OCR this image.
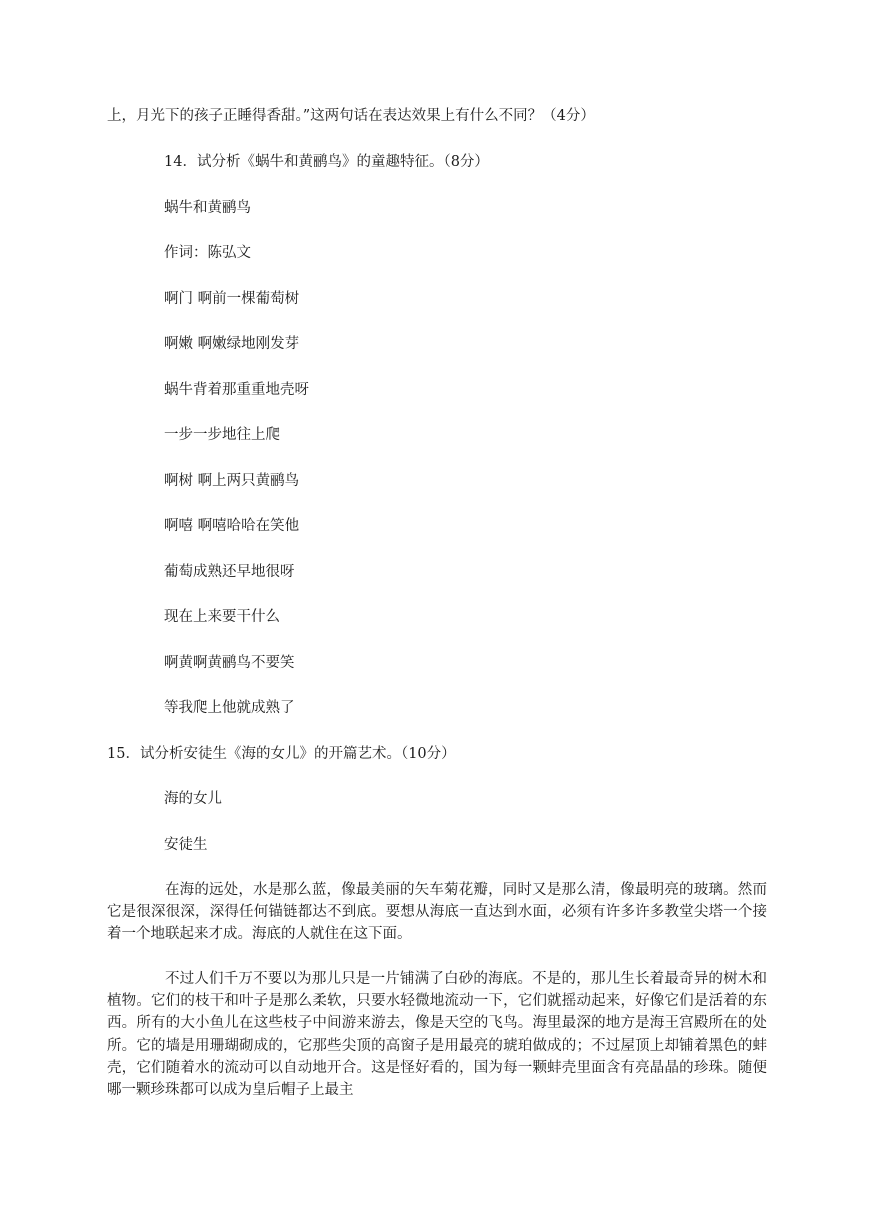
上，月光下的孩子正睡得香甜。”这两句话在表达效果上有什么不同？（4分）
14．试分析《蜗牛和黄鹂鸟》的童趣特征。（8分）
蜗牛和黄鹂鸟
作词：陈弘文
啊门 啊前一棵葡萄树
啊嫩 啊嫩绿地刚发芽
蜗牛背着那重重地壳呀
一步一步地往上爬
啊树 啊上两只黄鹂鸟
啊嘻 啊嘻哈哈在笑他
葡萄成熟还早地很呀
现在上来要干什么
啊黄啊黄鹂鸟不要笑
等我爬上他就成熟了
15．试分析安徒生《海的女儿》的开篇艺术。（10分）
海的女儿
安徒生
在海的远处，水是那么蓝，像最美丽的矢车菊花瓣，同时又是那么清，像最明亮的玻璃。然而它是很深很深，深得任何锚链都达不到底。要想从海底一直达到水面，必须有许多许多教堂尖塔一个接着一个地联起来才成。海底的人就住在这下面。
不过人们千万不要以为那儿只是一片铺满了白砂的海底。不是的，那儿生长着最奇异的树木和植物。它们的枝干和叶子是那么柔软，只要水轻微地流动一下，它们就摇动起来，好像它们是活着的东西。所有的大小鱼儿在这些枝子中间游来游去，像是天空的飞鸟。海里最深的地方是海王宫殿所在的处所。它的墙是用珊瑚砌成的，它那些尖顶的高窗子是用最亮的琥珀做成的；不过屋顶上却铺着黑色的蚌壳，它们随着水的流动可以自动地开合。这是怪好看的，国为每一颗蚌壳里面含有亮晶晶的珍珠。随便哪一颗珍珠都可以成为皇后帽子上最主
